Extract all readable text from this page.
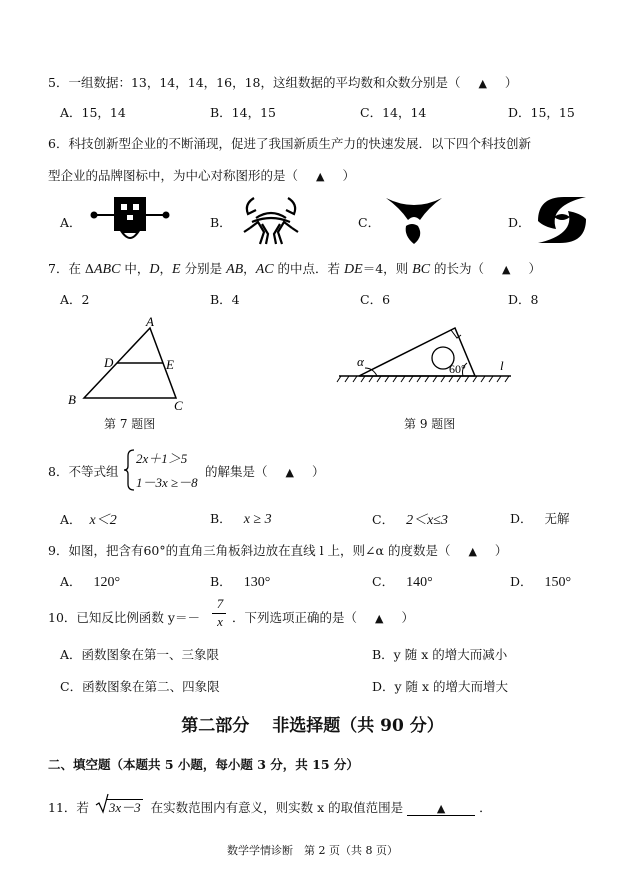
5．一组数据：13，14，14，16，18，这组数据的平均数和众数分别是（ ▲ ）
A．15，14	B．14，15	C．14，14	D．15，15
6．科技创新型企业的不断涌现，促进了我国新质生产力的快速发展．以下四个科技创新
型企业的品牌图标中，为中心对称图形的是（ ▲ ）
A．	B．	C．	D．
7．在 ΔABC 中，D，E 分别是 AB，AC 的中点．若 DE＝4，则 BC 的长为（ ▲ ）
A．2	B．4	C．6	D．8
A
B	C
D	E
第 7 题图
α	60°	l
第 9 题图
8．不等式组
2x＋1＞5
1－3x ≥－8
的解集是（ ▲ ）
A． x＜2	B． x ≥ 3	C． 2＜x≤3	D． 无解
9．如图，把含有60°的直角三角板斜边放在直线 l 上，则∠α 的度数是（ ▲ ）
A． 120°	B． 130°	C． 140°	D． 150°
10．已知反比例函数 y＝－
7
x ．下列选项正确的是（ ▲ ）
A．函数图象在第一、三象限	B．y 随 x 的增大而减小
C．函数图象在第二、四象限	D．y 随 x 的增大而增大
第二部分　 非选择题（共 90 分）
二、填空题（本题共 5 小题，每小题 3 分，共 15 分）
11．若 3x－3 在实数范围内有意义，则实数 x 的取值范围是	▲	．
数学学情诊断　第 2 页（共 8 页）
